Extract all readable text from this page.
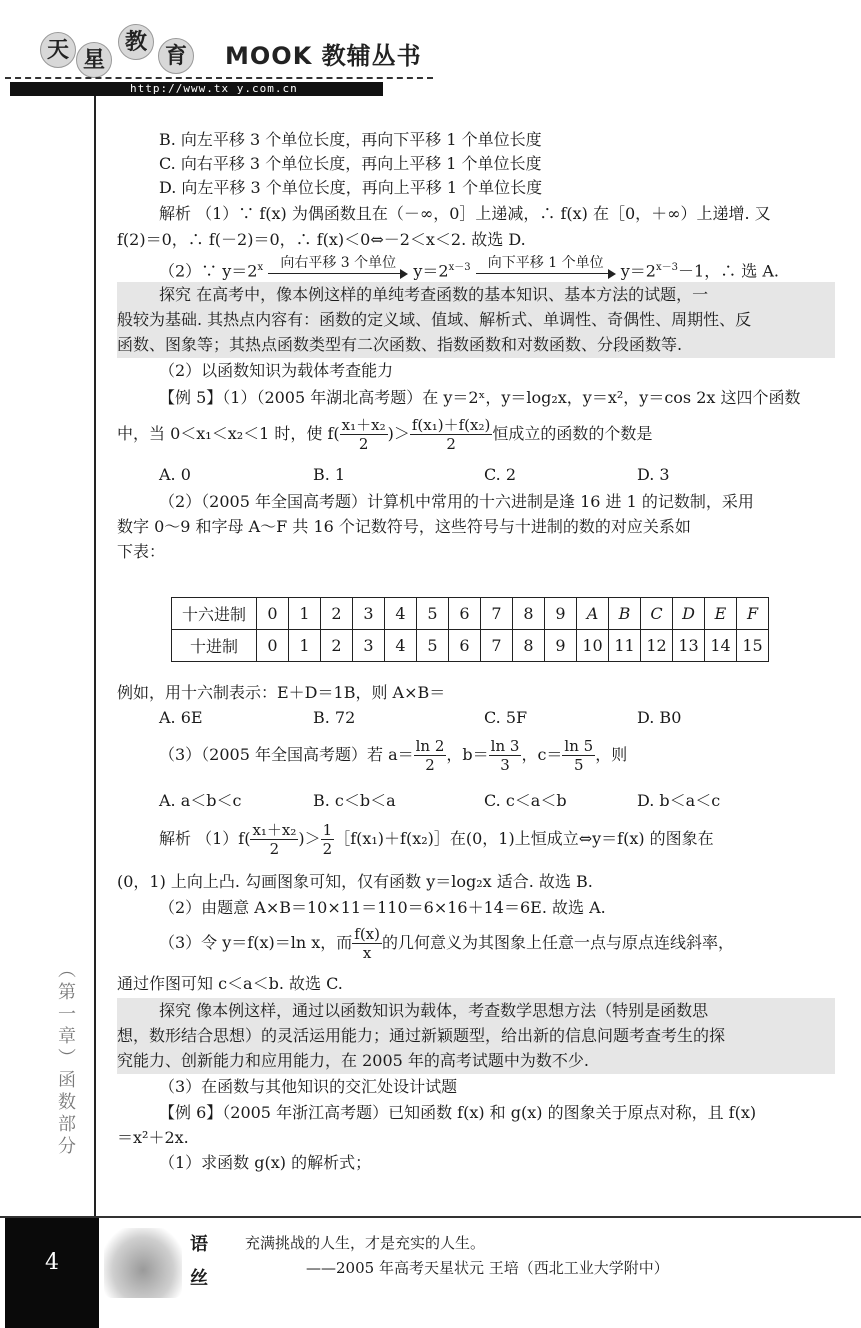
天 星
教
育 MOOK 教辅丛书
http://www.tx y.com.cn
（第一章）函数部分
B. 向左平移 3 个单位长度，再向下平移 1 个单位长度
C. 向右平移 3 个单位长度，再向上平移 1 个单位长度
D. 向左平移 3 个单位长度，再向上平移 1 个单位长度
解析 （1）∵ f(x) 为偶函数且在（－∞，0］上递减，∴ f(x) 在［0，＋∞）上递增. 又
f(2)＝0，∴ f(－2)＝0，∴ f(x)＜0⇔－2＜x＜2. 故选 D.
（2）∵ $y=2^x$	向右平移 3 个单位	$y=2^{x-3}$	向下平移 1 个单位	$y=2^{x-3}-1$，∴ 选 A.
探究 在高考中，像本例这样的单纯考查函数的基本知识、基本方法的试题，一
般较为基础. 其热点内容有：函数的定义域、值域、解析式、单调性、奇偶性、周期性、反
函数、图象等；其热点函数类型有二次函数、指数函数和对数函数、分段函数等.
（2）以函数知识为载体考查能力
【例 5】（1）（2005 年湖北高考题）在 y＝2ˣ，y＝log₂x，y＝x²，y＝cos 2x 这四个函数
中，当 0＜x₁＜x₂＜1 时，使 $f( \frac{\text{x₁＋x₂}}{2}$ )＞ $\frac{\text{f(x₁)＋f(x₂)}}{2}$ 恒成立的函数的个数是
A. 0	B. 1	C. 2	D. 3
（2）（2005 年全国高考题）计算机中常用的十六进制是逢 16 进 1 的记数制，采用
数字 0～9 和字母 A～F 共 16 个记数符号，这些符号与十进制的数的对应关系如
下表：
十六进制	0	1	2	3	4	5	6	7	8	9	A	B	C	D	E	F
十进制	0	1	2	3	4	5	6	7	8	9	10	11	12	13	14	15
例如，用十六制表示：E＋D＝1B，则 A×B＝
A. 6E	B. 72	C. 5F	D. B0
（3）（2005 年全国高考题）若 $a= \frac{\ln 2}{2}$ ，$b= \frac{\ln 3}{3}$ ，$c= \frac{\ln 5}{5}$ ，则
A. a＜b＜c	B. c＜b＜a	C. c＜a＜b	D. b＜a＜c
解析 $(1)f( \frac{\text{x₁＋x₂}}{2}$ )＞ $\frac{1}{2}$ ［f(x₁)＋f(x₂)］在(0，1)上恒成立⇔y＝f(x) 的图象在
(0，1) 上向上凸. 勾画图象可知，仅有函数 y＝log₂x 适合. 故选 B.
（2）由题意 A×B＝10×11＝110＝6×16＋14＝6E. 故选 A.
（3）令 y＝f(x)＝ln x，而 $\frac{f(x)}{x}$ 的几何意义为其图象上任意一点与原点连线斜率，
通过作图可知 c＜a＜b. 故选 C.
探究 像本例这样，通过以函数知识为载体，考查数学思想方法（特别是函数思
想，数形结合思想）的灵活运用能力；通过新颖题型，给出新的信息问题考查考生的探
究能力、创新能力和应用能力，在 2005 年的高考试题中为数不少.
（3）在函数与其他知识的交汇处设计试题
【例 6】（2005 年浙江高考题）已知函数 f(x) 和 g(x) 的图象关于原点对称，且 f(x)
＝x²＋2x.
（1）求函数 g(x) 的解析式；
4
语丝
充满挑战的人生，才是充实的人生。
——2005 年高考天星状元 王培（西北工业大学附中）
